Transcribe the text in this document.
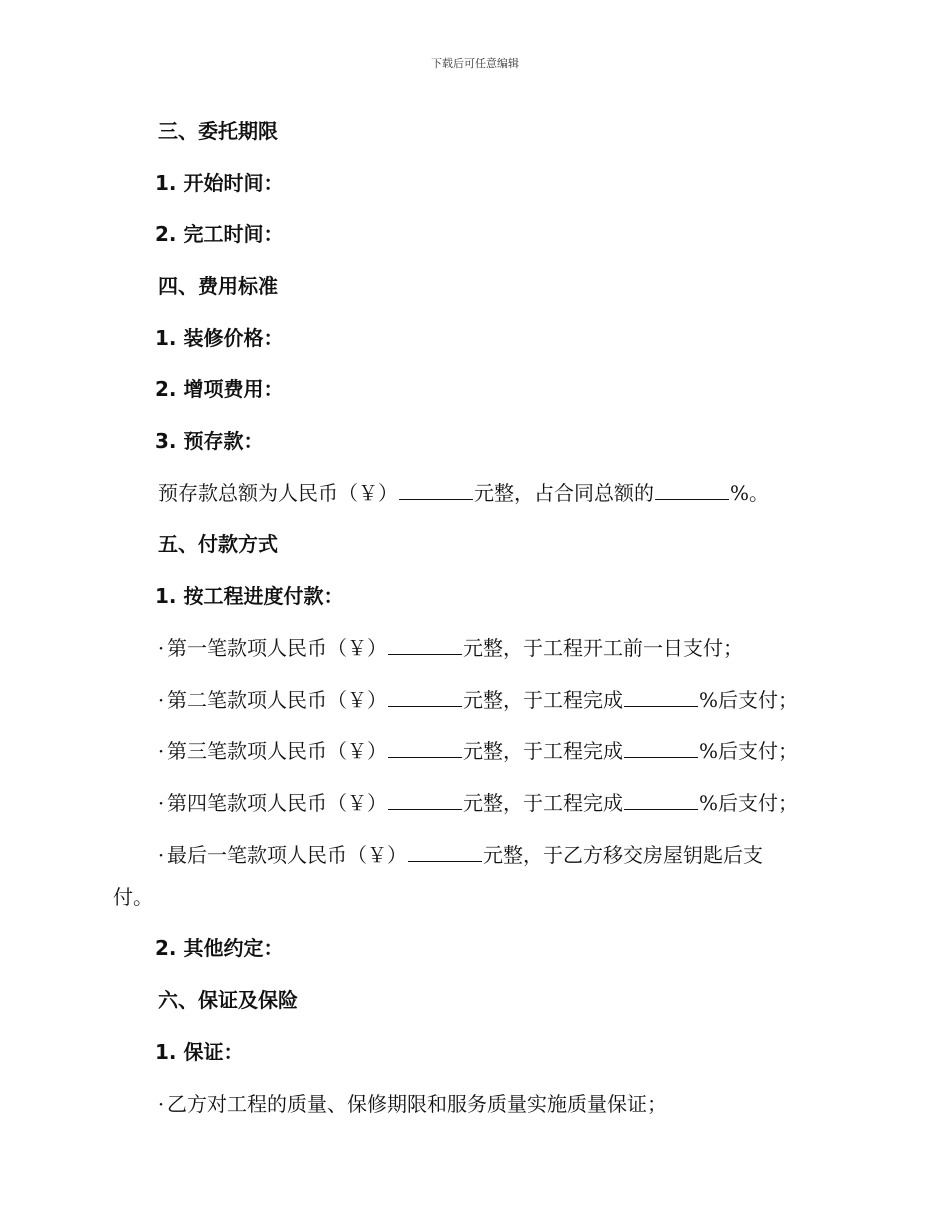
下载后可任意编辑
三、委托期限
1. 开始时间：
2. 完工时间：
四、费用标准
1. 装修价格：
2. 增项费用：
3. 预存款：
预存款总额为人民币（￥）	元整，占合同总额的	%。
五、付款方式
1. 按工程进度付款：
· 第一笔款项人民币（￥）	元整，于工程开工前一日支付；
· 第二笔款项人民币（￥）	元整，于工程完成	%后支付；
· 第三笔款项人民币（￥）	元整，于工程完成	%后支付；
· 第四笔款项人民币（￥）	元整，于工程完成	%后支付；
· 最后一笔款项人民币（￥）	元整，于乙方移交房屋钥匙后支
付。
2. 其他约定：
六、保证及保险
1. 保证：
· 乙方对工程的质量、保修期限和服务质量实施质量保证；
